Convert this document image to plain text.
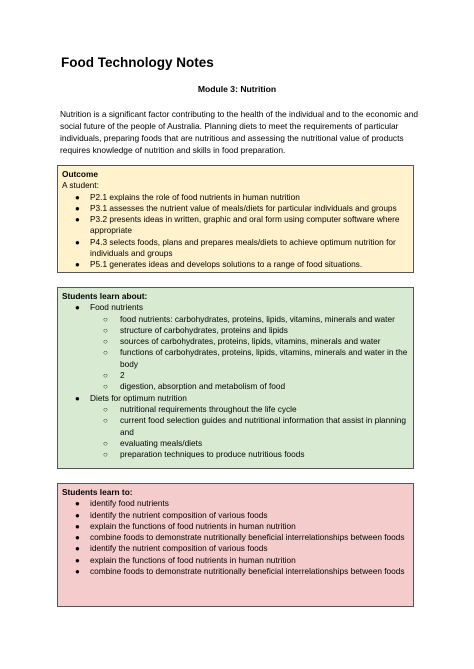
Food Technology Notes
Module 3: Nutrition

Nutrition is a significant factor contributing to the health of the individual and to the economic and social future of the people of Australia. Planning diets to meet the requirements of particular individuals, preparing foods that are nutritious and assessing the nutritional value of products requires knowledge of nutrition and skills in food preparation.

Outcome
A student:
● P2.1 explains the role of food nutrients in human nutrition
● P3.1 assesses the nutrient value of meals/diets for particular individuals and groups
● P3.2 presents ideas in written, graphic and oral form using computer software where appropriate
● P4.3 selects foods, plans and prepares meals/diets to achieve optimum nutrition for individuals and groups
● P5.1 generates ideas and develops solutions to a range of food situations.
Students learn about:
● Food nutrients
○ food nutrients: carbohydrates, proteins, lipids, vitamins, minerals and water
○ structure of carbohydrates, proteins and lipids
○ sources of carbohydrates, proteins, lipids, vitamins, minerals and water
○ functions of carbohydrates, proteins, lipids, vitamins, minerals and water in the body
○ 2
○ digestion, absorption and metabolism of food
● Diets for optimum nutrition
○ nutritional requirements throughout the life cycle
○ current food selection guides and nutritional information that assist in planning and
○ evaluating meals/diets
○ preparation techniques to produce nutritious foods
Students learn to:
● identify food nutrients
● identify the nutrient composition of various foods
● explain the functions of food nutrients in human nutrition
● combine foods to demonstrate nutritionally beneficial interrelationships between foods
● identify the nutrient composition of various foods
● explain the functions of food nutrients in human nutrition
● combine foods to demonstrate nutritionally beneficial interrelationships between foods
